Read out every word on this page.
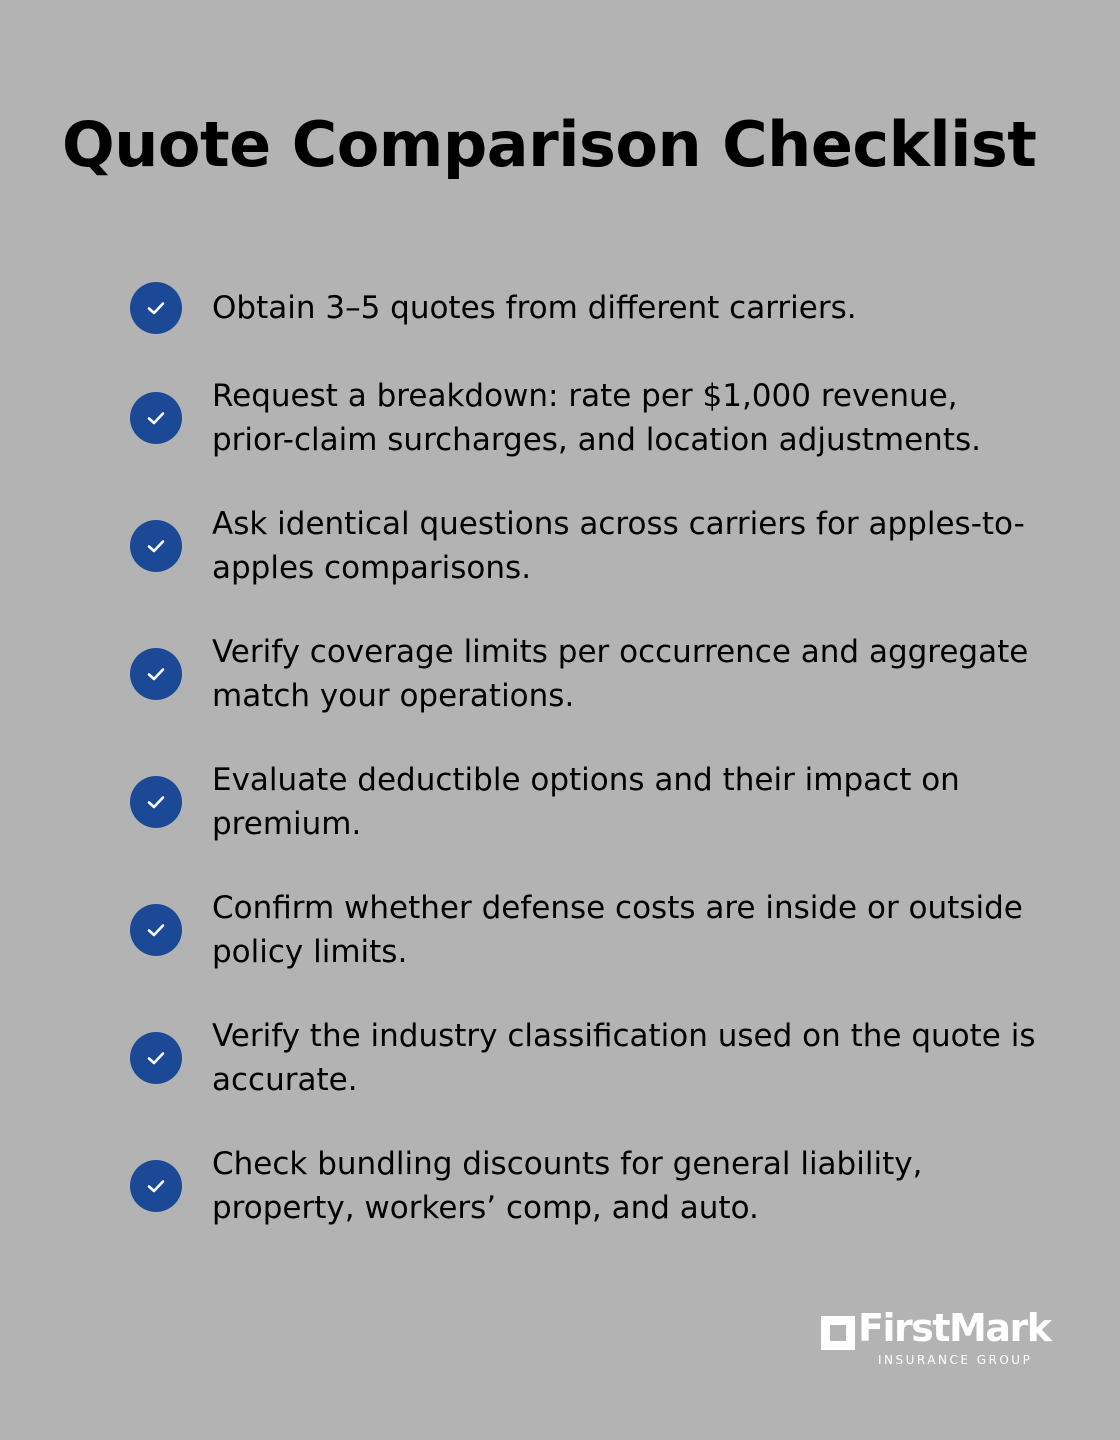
Quote Comparison Checklist
Obtain 3–5 quotes from different carriers.
Request a breakdown: rate per $1,000 revenue, prior-claim surcharges, and location adjustments.
Ask identical questions across carriers for apples-to-apples comparisons.
Verify coverage limits per occurrence and aggregate match your operations.
Evaluate deductible options and their impact on premium.
Confirm whether defense costs are inside or outside policy limits.
Verify the industry classification used on the quote is accurate.
Check bundling discounts for general liability, property, workers’ comp, and auto.
FirstMark
INSURANCE GROUP
